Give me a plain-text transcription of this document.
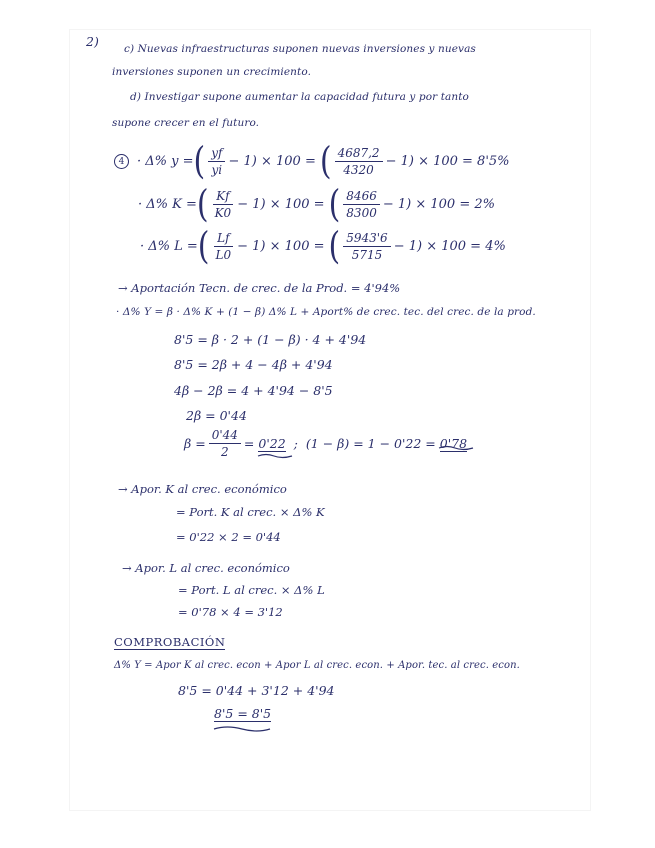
2) c) Nuevas infraestructuras suponen nuevas inversiones y nuevas
inversiones suponen un crecimiento.
d) Investigar supone aumentar la capacidad futura y por tanto
supone crecer en el futuro.
4 · Δ% y = ( $\frac{yf}{yi} - 1) \times 100$ = ( $\frac{4687,2}{4320} - 1) \times 100 = 8'5\%$
· Δ% K = ( $\frac{Kf}{K0} - 1) \times 100$ = ( $\frac{8466}{8300} - 1) \times 100 = 2\%$
· Δ% L = ( $\frac{Lf}{L0} - 1) \times 100$ = ( $\frac{5943'6}{5715} - 1) \times 100 = 4\%$
→ Aportación Tecn. de crec. de la Prod. = 4'94%
· Δ% Y = β · Δ% K + (1 − β) Δ% L + Aport% de crec. tec. del crec. de la prod.
8'5 = β · 2 + (1 − β) · 4 + 4'94
8'5 = 2β + 4 − 4β + 4'94
4β − 2β = 4 + 4'94 − 8'5
2β = 0'44
$\beta = \frac{0'44}{2} = 0'22$ ; (1 − β) = 1 − 0'22 = 0'78
→ Apor. K al crec. económico
= Port. K al crec. × Δ% K
= 0'22 × 2 = 0'44
→ Apor. L al crec. económico
= Port. L al crec. × Δ% L
= 0'78 × 4 = 3'12
COMPROBACIÓN
Δ% Y = Apor K al crec. econ + Apor L al crec. econ. + Apor. tec. al crec. econ.
8'5 = 0'44 + 3'12 + 4'94
8'5 = 8'5
